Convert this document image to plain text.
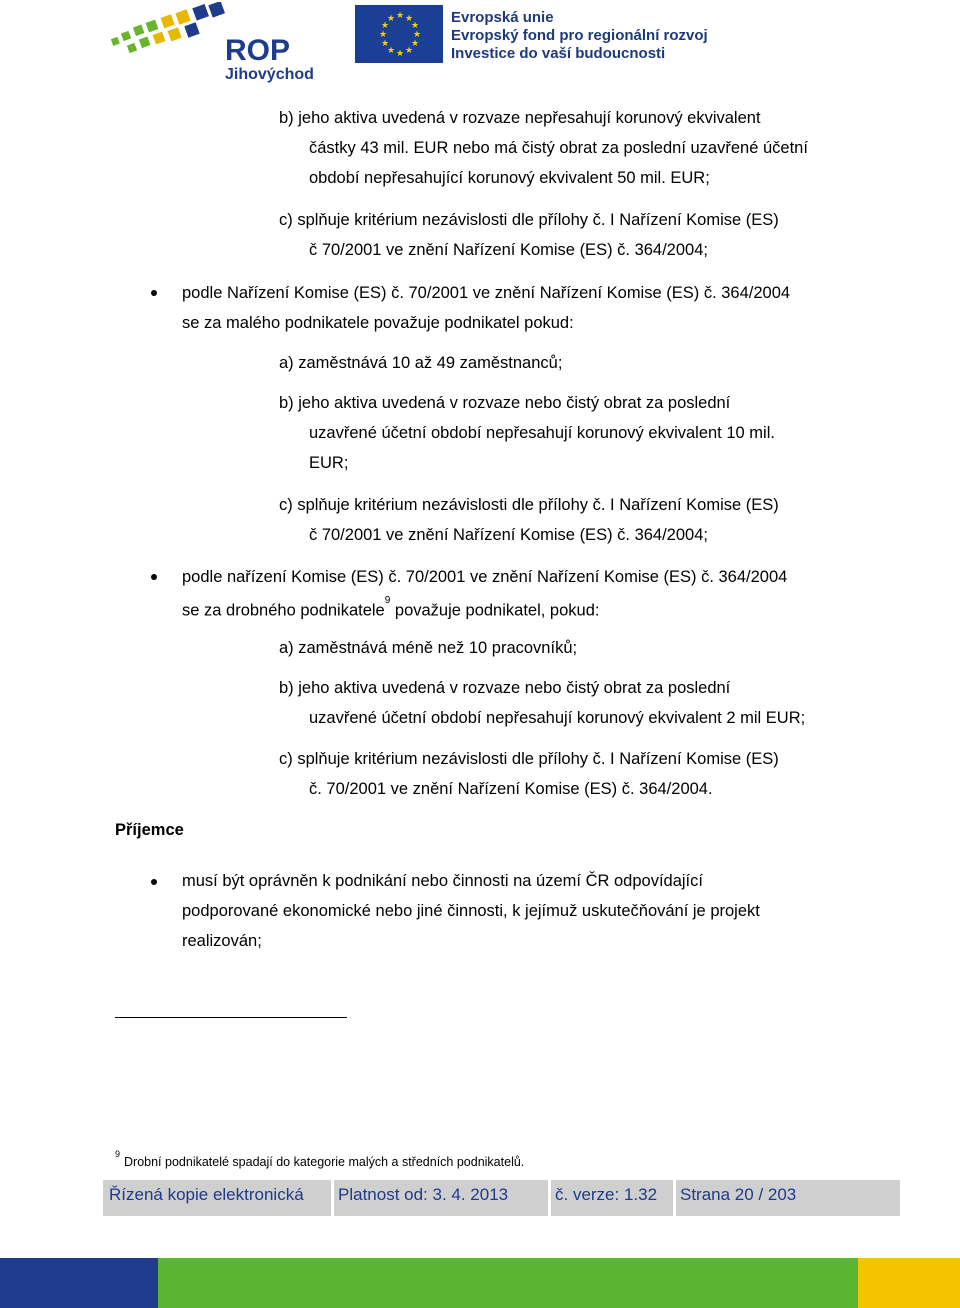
ROP
Jihovýchod
★ ★
★
★
★
★
★
★
★
★
★
★	Evropská unie
Evropský fond pro regionální rozvoj
Investice do vaší budoucnosti
b) jeho aktiva uvedená v rozvaze nepřesahují korunový ekvivalent
částky 43 mil. EUR nebo má čistý obrat za poslední uzavřené účetní
období nepřesahující korunový ekvivalent 50 mil. EUR;
c) splňuje kritérium nezávislosti dle přílohy č. I Nařízení Komise (ES)
č 70/2001 ve znění Nařízení Komise (ES) č. 364/2004;
podle Nařízení Komise (ES) č. 70/2001 ve znění Nařízení Komise (ES) č. 364/2004
se za malého podnikatele považuje podnikatel pokud:
a) zaměstnává 10 až 49 zaměstnanců;
b) jeho aktiva uvedená v rozvaze nebo čistý obrat za poslední
uzavřené účetní období nepřesahují korunový ekvivalent 10 mil.
EUR;
c) splňuje kritérium nezávislosti dle přílohy č. I Nařízení Komise (ES)
č 70/2001 ve znění Nařízení Komise (ES) č. 364/2004;
podle nařízení Komise (ES) č. 70/2001 ve znění Nařízení Komise (ES) č. 364/2004
se za drobného podnikatele$^9$ považuje podnikatel, pokud:
a) zaměstnává méně než 10 pracovníků;
b) jeho aktiva uvedená v rozvaze nebo čistý obrat za poslední
uzavřené účetní období nepřesahují korunový ekvivalent 2 mil EUR;
c) splňuje kritérium nezávislosti dle přílohy č. I Nařízení Komise (ES)
č. 70/2001 ve znění Nařízení Komise (ES) č. 364/2004.
Příjemce
musí být oprávněn k podnikání nebo činnosti na území ČR odpovídající
podporované ekonomické nebo jiné činnosti, k jejímuž uskutečňování je projekt
realizován;
$^9$Drobní podnikatelé spadají do kategorie malých a středních podnikatelů.
Řízená kopie elektronická	Platnost od: 3. 4. 2013	č. verze: 1.32	Strana 20 / 203
